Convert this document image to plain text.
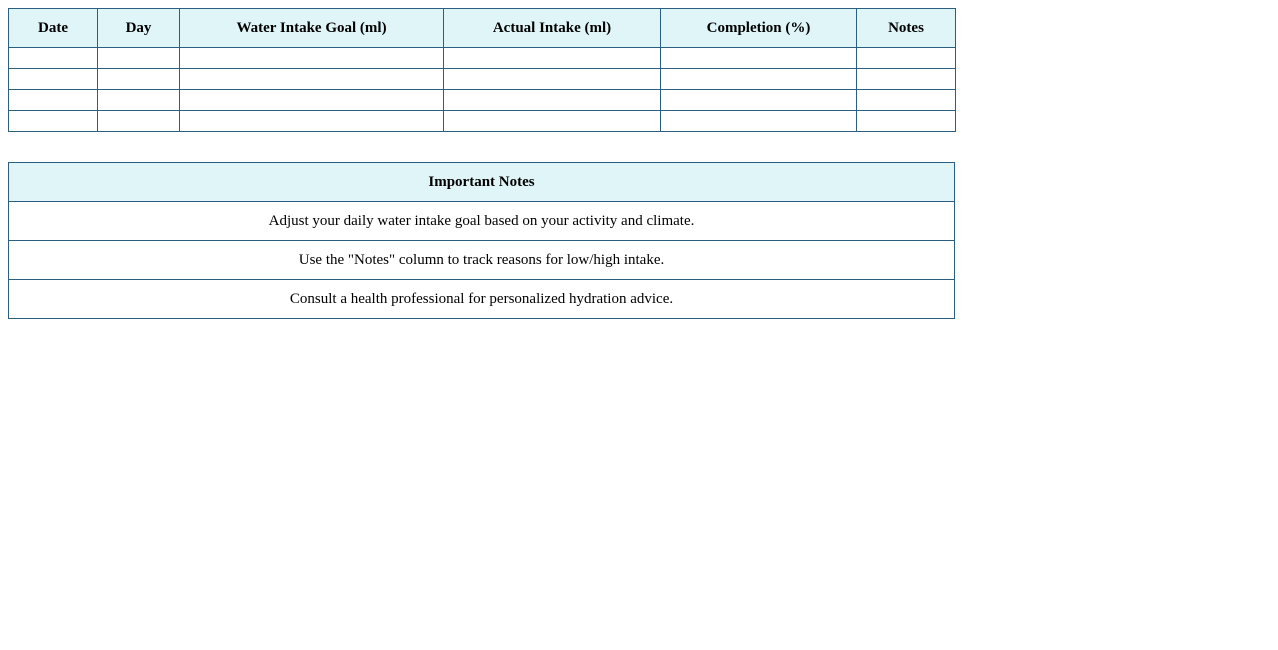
Date	Day	Water Intake Goal (ml)	Actual Intake (ml)	Completion (%)	Notes

Important Notes
Adjust your daily water intake goal based on your activity and climate.
Use the "Notes" column to track reasons for low/high intake.
Consult a health professional for personalized hydration advice.
